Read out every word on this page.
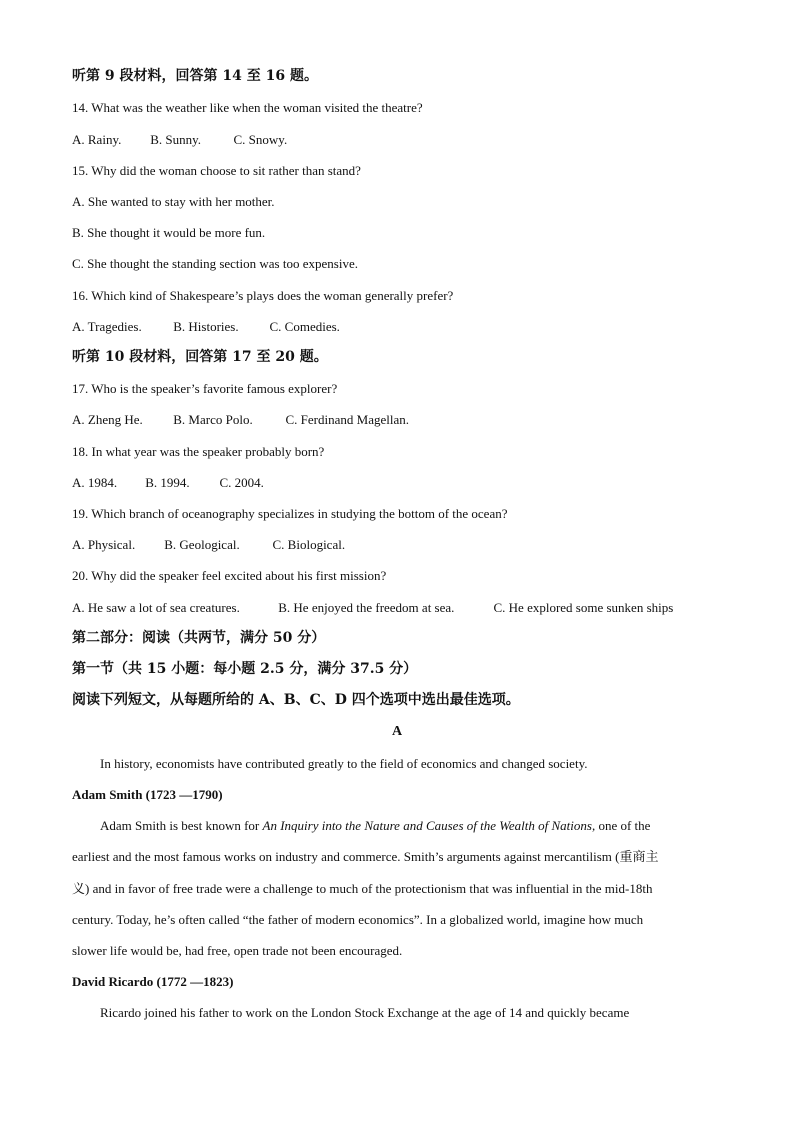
听第 9 段材料，回答第 14 至 16 题。
14. What was the weather like when the woman visited the theatre?
A. Rainy. B. Sunny. C. Snowy.
15. Why did the woman choose to sit rather than stand?
A. She wanted to stay with her mother.
B. She thought it would be more fun.
C. She thought the standing section was too expensive.
16. Which kind of Shakespeare’s plays does the woman generally prefer?
A. Tragedies. B. Histories. C. Comedies.
听第 10 段材料，回答第 17 至 20 题。
17. Who is the speaker’s favorite famous explorer?
A. Zheng He. B. Marco Polo.	C. Ferdinand Magellan.
18. In what year was the speaker probably born?
A. 1984. B. 1994. C. 2004.
19. Which branch of oceanography specializes in studying the bottom of the ocean?
A. Physical. B. Geological.	C. Biological.
20. Why did the speaker feel excited about his first mission?
A. He saw a lot of sea creatures.	B. He enjoyed the freedom at sea.	C. He explored some sunken ships
第二部分：阅读（共两节，满分 50 分）
第一节（共 15 小题：每小题 2.5 分，满分 37.5 分）
阅读下列短文，从每题所给的 A、B、C、D 四个选项中选出最佳选项。
A
In history, economists have contributed greatly to the field of economics and changed society.
Adam Smith (1723 —1790)
Adam Smith is best known for An Inquiry into the Nature and Causes of the Wealth of Nations, one of the
earliest and the most famous works on industry and commerce. Smith’s arguments against mercantilism (重商主
义) and in favor of free trade were a challenge to much of the protectionism that was influential in the mid-18th
century. Today, he’s often called “the father of modern economics”. In a globalized world, imagine how much
slower life would be, had free, open trade not been encouraged.
David Ricardo (1772 —1823)
Ricardo joined his father to work on the London Stock Exchange at the age of 14 and quickly became
